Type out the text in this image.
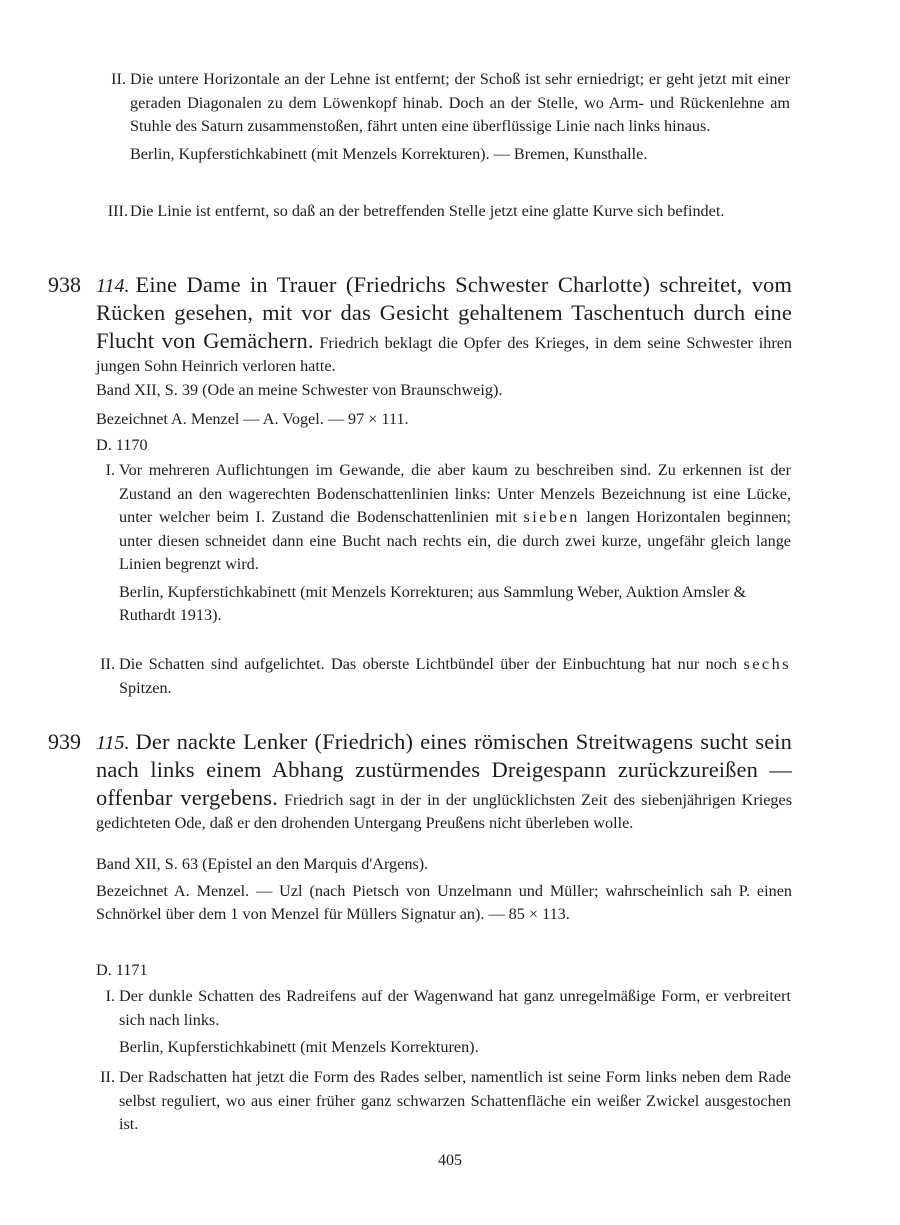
II. Die untere Horizontale an der Lehne ist entfernt; der Schoß ist sehr erniedrigt; er geht jetzt mit einer geraden Diagonalen zu dem Löwenkopf hinab. Doch an der Stelle, wo Arm- und Rückenlehne am Stuhle des Saturn zusammenstoßen, fährt unten eine überflüssige Linie nach links hinaus.

Berlin, Kupferstichkabinett (mit Menzels Korrekturen). — Bremen, Kunsthalle.

III. Die Linie ist entfernt, so daß an der betreffenden Stelle jetzt eine glatte Kurve sich befindet.

938 114. Eine Dame in Trauer (Friedrichs Schwester Charlotte) schreitet, vom Rücken gesehen, mit vor das Gesicht gehaltenem Taschentuch durch eine Flucht von Gemächern. Friedrich beklagt die Opfer des Krieges, in dem seine Schwester ihren jungen Sohn Heinrich verloren hatte.

Band XII, S. 39 (Ode an meine Schwester von Braunschweig).

Bezeichnet A. Menzel — A. Vogel. — 97 × 111.

D. 1170

I. Vor mehreren Auflichtungen im Gewande, die aber kaum zu beschreiben sind. Zu erkennen ist der Zustand an den wagerechten Bodenschattenlinien links: Unter Menzels Bezeichnung ist eine Lücke, unter welcher beim I. Zustand die Bodenschattenlinien mit sieben langen Horizontalen beginnen; unter diesen schneidet dann eine Bucht nach rechts ein, die durch zwei kurze, ungefähr gleich lange Linien begrenzt wird.

Berlin, Kupferstichkabinett (mit Menzels Korrekturen; aus Sammlung Weber, Auktion Amsler & Ruthardt 1913).

II. Die Schatten sind aufgelichtet. Das oberste Lichtbündel über der Einbuchtung hat nur noch sechs Spitzen.

939 115. Der nackte Lenker (Friedrich) eines römischen Streitwagens sucht sein nach links einem Abhang zustürmendes Dreigespann zurückzureißen — offenbar vergebens. Friedrich sagt in der in der unglücklichsten Zeit des siebenjährigen Krieges gedichteten Ode, daß er den drohenden Untergang Preußens nicht überleben wolle.

Band XII, S. 63 (Epistel an den Marquis d'Argens).

Bezeichnet A. Menzel. — Uzl (nach Pietsch von Unzelmann und Müller; wahrscheinlich sah P. einen Schnörkel über dem 1 von Menzel für Müllers Signatur an). — 85 × 113.

D. 1171

I. Der dunkle Schatten des Radreifens auf der Wagenwand hat ganz unregelmäßige Form, er verbreitert sich nach links.

Berlin, Kupferstichkabinett (mit Menzels Korrekturen).

II. Der Radschatten hat jetzt die Form des Rades selber, namentlich ist seine Form links neben dem Rade selbst reguliert, wo aus einer früher ganz schwarzen Schattenfläche ein weißer Zwickel ausgestochen ist.

405
